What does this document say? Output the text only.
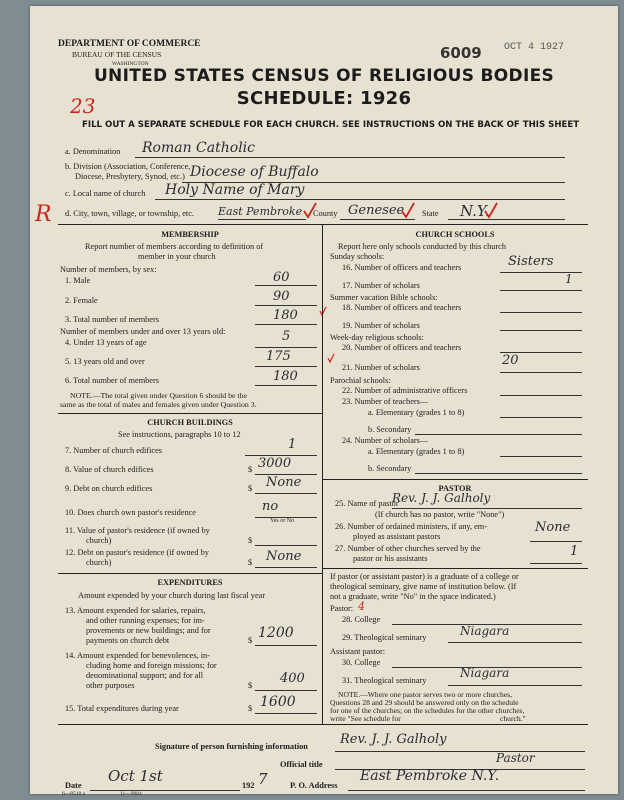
DEPARTMENT OF COMMERCE
BUREAU OF THE CENSUS
WASHINGTON
6009 OCT 4 1927
UNITED STATES CENSUS OF RELIGIOUS BODIES
SCHEDULE: 1926
23
FILL OUT A SEPARATE SCHEDULE FOR EACH CHURCH. SEE INSTRUCTIONS ON THE BACK OF THIS SHEET
a. Denomination Roman Catholic
b. Division (Association, Conference,
Diocese, Presbytery, Synod, etc.) Diocese of Buffalo
c. Local name of church Holy Name of Mary
R d. City, town, village, or township, etc. East Pembroke County Genesee State N.Y.
MEMBERSHIP
Report number of members according to definition of
member in your church
Number of members, by sex:
1. Male	60
2. Female	90
3. Total number of members	180
Number of members under and over 13 years old:
4. Under 13 years of age	5
5. 13 years old and over	175
6. Total number of members	180
NOTE.—The total given under Question 6 should be the
same as the total of males and females given under Question 3.
CHURCH BUILDINGS
See instructions, paragraphs 10 to 12
7. Number of church edifices	1
8. Value of church edifices	$ 3000
9. Debt on church edifices	$ None
10. Does church own pastor's residence	no
Yes or No
11. Value of pastor's residence (if owned by
church)	$
12. Debt on pastor's residence (if owned by
church)	$ None
EXPENDITURES
Amount expended by your church during last fiscal year
13. Amount expended for salaries, repairs,
and other running expenses; for im-
provements or new buildings; and for
payments on church debt	$ 1200
14. Amount expended for benevolences, in-
cluding home and foreign missions; for
denominational support; and for all
other purposes	$ 400
15. Total expenditures during year	$ 1600
CHURCH SCHOOLS
Report here only schools conducted by this church
Sunday schools:
16. Number of officers and teachers	Sisters
17. Number of scholars	1
Summer vacation Bible schools:
18. Number of officers and teachers
19. Number of scholars
Week-day religious schools:
20. Number of officers and teachers
21. Number of scholars	20
Parochial schools:
22. Number of administrative officers
23. Number of teachers—
a. Elementary (grades 1 to 8)
b. Secondary
24. Number of scholars—
a. Elementary (grades 1 to 8)
b. Secondary
PASTOR
25. Name of pastor
Rev. J. J. Galholy
(If church has no pastor, write "None")
26. Number of ordained ministers, if any, em-
ployed as assistant pastors
None
27. Number of other churches served by the
pastor or his assistants	1
If pastor (or assistant pastor) is a graduate of a college or
theological seminary, give name of institution below. (If
not a graduate, write "No" in the space indicated.)
Pastor: 4
28. College
29. Theological seminary	Niagara
Assistant pastor:
30. College
31. Theological seminary
Niagara
NOTE.—Where one pastor serves two or more churches,
Questions 28 and 29 should be answered only on the schedule
for one of the churches; on the schedules for the other churches,
write "See schedule for	church."
Signature of person furnishing information Rev. J. J. Galholy
Official title	Pastor
Date
Oct 1st
192 7	P. O. Address
East Pembroke N.Y.
6—8518 a	11—9084
